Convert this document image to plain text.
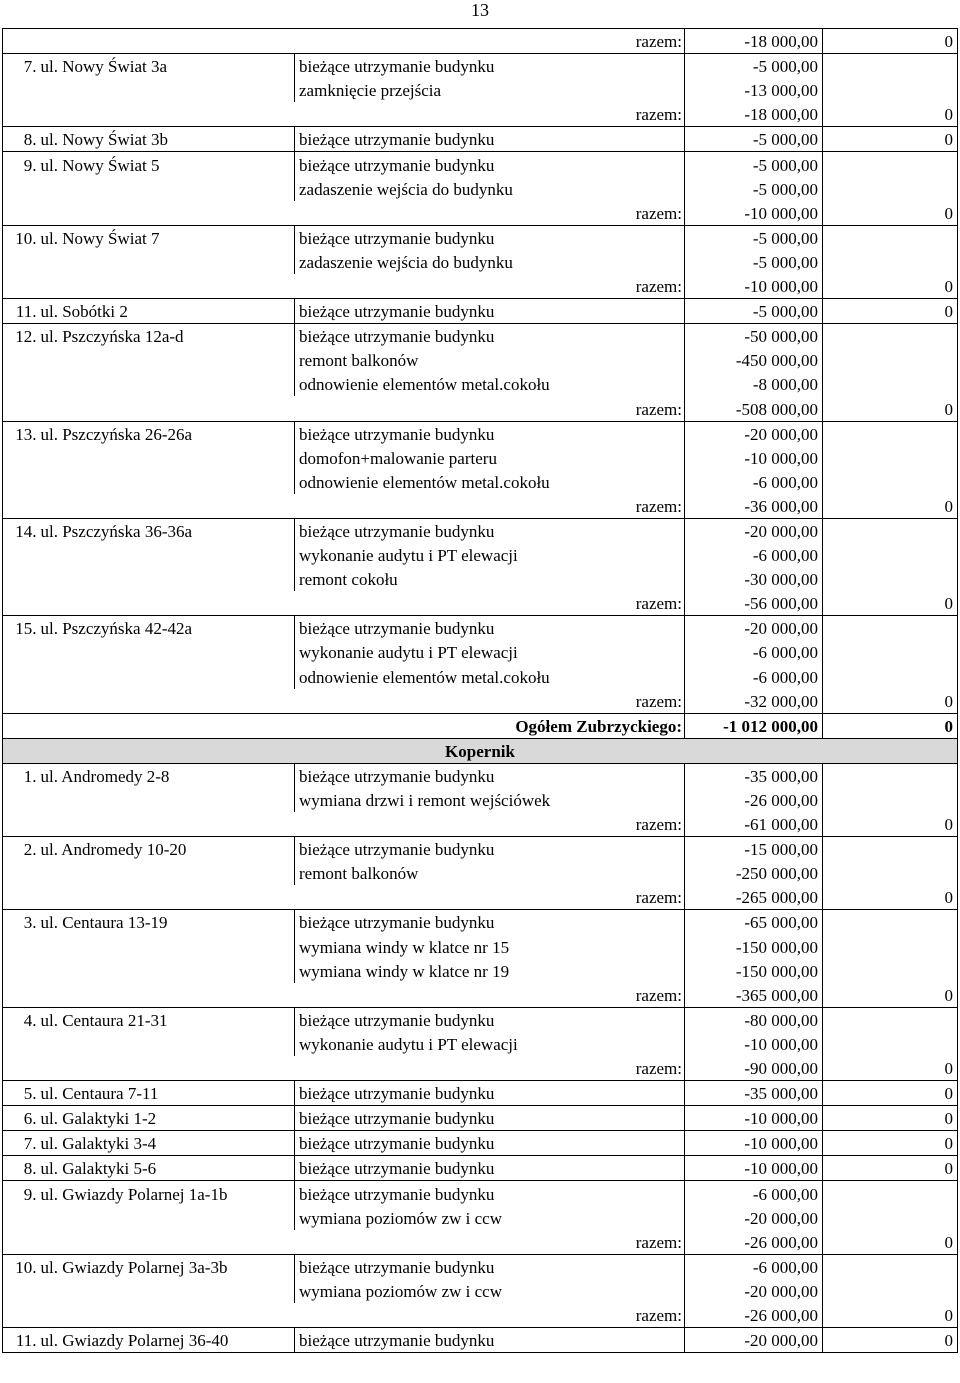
13
razem:			-18 000,00	0
7.	ul. Nowy Świat 3a	bieżące utrzymanie budynku	-5 000,00	
		zamknięcie przejścia	-13 000,00	
razem:			-18 000,00	0
8.	ul. Nowy Świat 3b	bieżące utrzymanie budynku	-5 000,00	0
9.	ul. Nowy Świat 5	bieżące utrzymanie budynku	-5 000,00	
		zadaszenie wejścia do budynku	-5 000,00	
razem:			-10 000,00	0
10.	ul. Nowy Świat 7	bieżące utrzymanie budynku	-5 000,00	
		zadaszenie wejścia do budynku	-5 000,00	
razem:			-10 000,00	0
11.	ul. Sobótki 2	bieżące utrzymanie budynku	-5 000,00	0
12.	ul. Pszczyńska 12a-d	bieżące utrzymanie budynku	-50 000,00	
		remont balkonów	-450 000,00	
		odnowienie elementów metal.cokołu	-8 000,00	
razem:			-508 000,00	0
13.	ul. Pszczyńska 26-26a	bieżące utrzymanie budynku	-20 000,00	
		domofon+malowanie parteru	-10 000,00	
		odnowienie elementów metal.cokołu	-6 000,00	
razem:			-36 000,00	0
14.	ul. Pszczyńska 36-36a	bieżące utrzymanie budynku	-20 000,00	
		wykonanie audytu i PT elewacji	-6 000,00	
		remont cokołu	-30 000,00	
razem:			-56 000,00	0
15.	ul. Pszczyńska 42-42a	bieżące utrzymanie budynku	-20 000,00	
		wykonanie audytu i PT elewacji	-6 000,00	
		odnowienie elementów metal.cokołu	-6 000,00	
razem:			-32 000,00	0
Ogółem Zubrzyckiego:			-1 012 000,00	0
Kopernik				
1.	ul. Andromedy 2-8	bieżące utrzymanie budynku	-35 000,00	
		wymiana drzwi i remont wejściówek	-26 000,00	
razem:			-61 000,00	0
2.	ul. Andromedy 10-20	bieżące utrzymanie budynku	-15 000,00	
		remont balkonów	-250 000,00	
razem:			-265 000,00	0
3.	ul. Centaura 13-19	bieżące utrzymanie budynku	-65 000,00	
		wymiana windy w klatce nr 15	-150 000,00	
		wymiana windy w klatce nr 19	-150 000,00	
razem:			-365 000,00	0
4.	ul. Centaura 21-31	bieżące utrzymanie budynku	-80 000,00	
		wykonanie audytu i PT elewacji	-10 000,00	
razem:			-90 000,00	0
5.	ul. Centaura 7-11	bieżące utrzymanie budynku	-35 000,00	0
6.	ul. Galaktyki 1-2	bieżące utrzymanie budynku	-10 000,00	0
7.	ul. Galaktyki 3-4	bieżące utrzymanie budynku	-10 000,00	0
8.	ul. Galaktyki 5-6	bieżące utrzymanie budynku	-10 000,00	0
9.	ul. Gwiazdy Polarnej 1a-1b	bieżące utrzymanie budynku	-6 000,00	
		wymiana poziomów zw i ccw	-20 000,00	
razem:			-26 000,00	0
10.	ul. Gwiazdy Polarnej 3a-3b	bieżące utrzymanie budynku	-6 000,00	
		wymiana poziomów zw i ccw	-20 000,00	
razem:			-26 000,00	0
11.	ul. Gwiazdy Polarnej 36-40	bieżące utrzymanie budynku	-20 000,00	0
